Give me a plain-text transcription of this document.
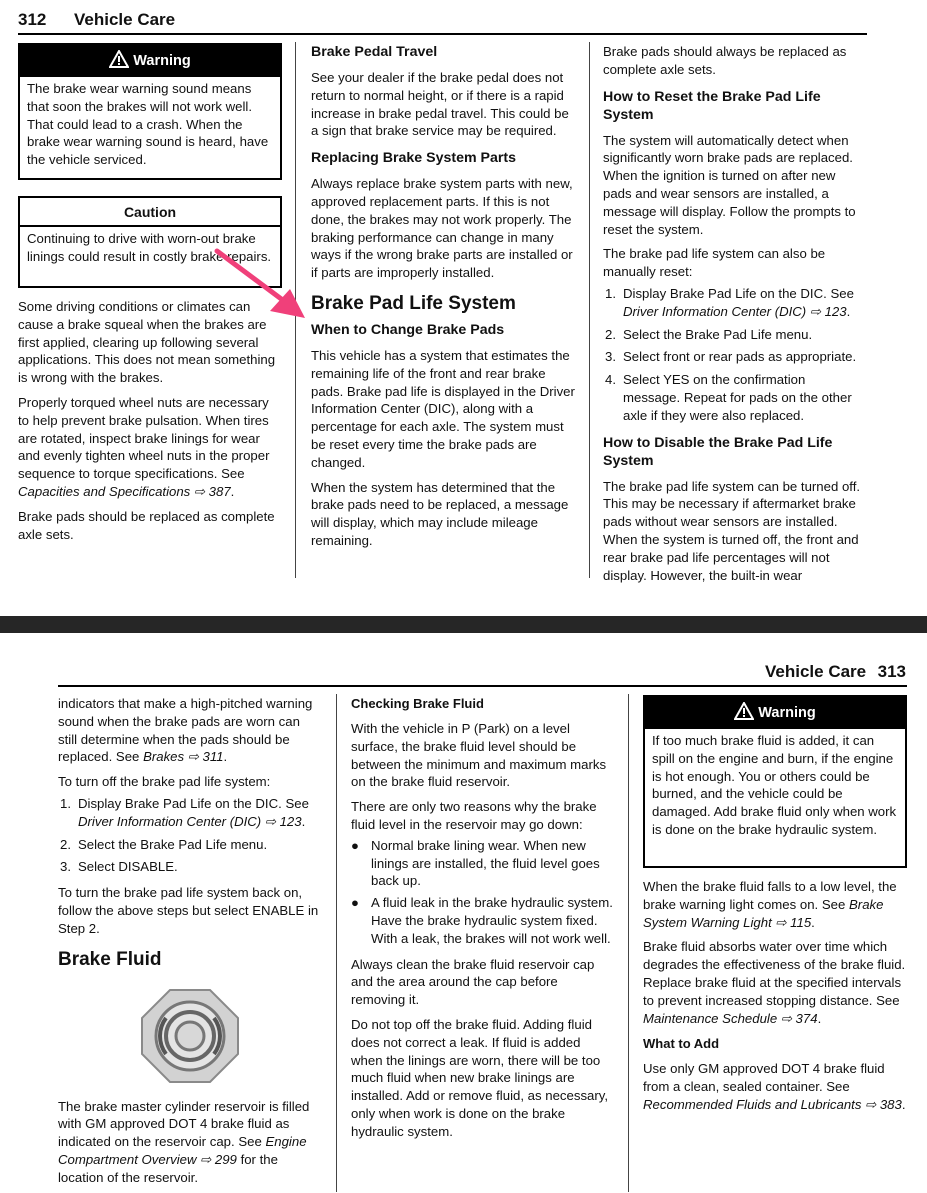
312 Vehicle Care
Warning
The brake wear warning sound means that soon the brakes will not work well. That could lead to a crash. When the brake wear warning sound is heard, have the vehicle serviced.
Caution
Continuing to drive with worn-out brake linings could result in costly brake repairs.

Some driving conditions or climates can cause a brake squeal when the brakes are first applied, clearing up following several applications. This does not mean something is wrong with the brakes.

Properly torqued wheel nuts are necessary to help prevent brake pulsation. When tires are rotated, inspect brake linings for wear and evenly tighten wheel nuts in the proper sequence to torque specifications. See Capacities and Specifications ⇨ 387.

Brake pads should be replaced as complete axle sets.

Brake Pedal Travel

See your dealer if the brake pedal does not return to normal height, or if there is a rapid increase in brake pedal travel. This could be a sign that brake service may be required.

Replacing Brake System Parts

Always replace brake system parts with new, approved replacement parts. If this is not done, the brakes may not work properly. The braking performance can change in many ways if the wrong brake parts are installed or if parts are improperly installed.

Brake Pad Life System
When to Change Brake Pads

This vehicle has a system that estimates the remaining life of the front and rear brake pads. Brake pad life is displayed in the Driver Information Center (DIC), along with a percentage for each axle. The system must be reset every time the brake pads are changed.

When the system has determined that the brake pads need to be replaced, a message will display, which may include mileage remaining.

Brake pads should always be replaced as complete axle sets.

How to Reset the Brake Pad Life System

The system will automatically detect when significantly worn brake pads are replaced. When the ignition is turned on after new pads and wear sensors are installed, a message will display. Follow the prompts to reset the system.

The brake pad life system can also be manually reset:

1. Display Brake Pad Life on the DIC. See Driver Information Center (DIC) ⇨ 123.
2. Select the Brake Pad Life menu.
3. Select front or rear pads as appropriate.
4. Select YES on the confirmation message. Repeat for pads on the other axle if they were also replaced.
How to Disable the Brake Pad Life System

The brake pad life system can be turned off. This may be necessary if aftermarket brake pads without wear sensors are installed. When the system is turned off, the front and rear brake pad life percentages will not display. However, the built-in wear

Vehicle Care 313

indicators that make a high-pitched warning sound when the brake pads are worn can still determine when the pads should be replaced. See Brakes ⇨ 311.

To turn off the brake pad life system:

1. Display Brake Pad Life on the DIC. See Driver Information Center (DIC) ⇨ 123.
2. Select the Brake Pad Life menu.
3. Select DISABLE.

To turn the brake pad life system back on, follow the above steps but select ENABLE in Step 2.

Brake Fluid

The brake master cylinder reservoir is filled with GM approved DOT 4 brake fluid as indicated on the reservoir cap. See Engine Compartment Overview ⇨ 299 for the location of the reservoir.

Checking Brake Fluid

With the vehicle in P (Park) on a level surface, the brake fluid level should be between the minimum and maximum marks on the brake fluid reservoir.

There are only two reasons why the brake fluid level in the reservoir may go down:

● Normal brake lining wear. When new linings are installed, the fluid level goes back up.
● A fluid leak in the brake hydraulic system. Have the brake hydraulic system fixed. With a leak, the brakes will not work well.

Always clean the brake fluid reservoir cap and the area around the cap before removing it.

Do not top off the brake fluid. Adding fluid does not correct a leak. If fluid is added when the linings are worn, there will be too much fluid when new brake linings are installed. Add or remove fluid, as necessary, only when work is done on the brake hydraulic system.

Warning
If too much brake fluid is added, it can spill on the engine and burn, if the engine is hot enough. You or others could be burned, and the vehicle could be damaged. Add brake fluid only when work is done on the brake hydraulic system.

When the brake fluid falls to a low level, the brake warning light comes on. See Brake System Warning Light ⇨ 115.

Brake fluid absorbs water over time which degrades the effectiveness of the brake fluid. Replace brake fluid at the specified intervals to prevent increased stopping distance. See Maintenance Schedule ⇨ 374.

What to Add

Use only GM approved DOT 4 brake fluid from a clean, sealed container. See Recommended Fluids and Lubricants ⇨ 383.
